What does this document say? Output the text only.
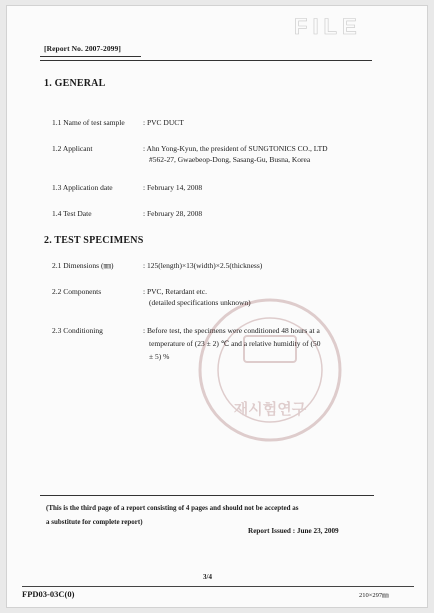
FILE
[Report No. 2007-2099]
1. GENERAL
1.1 Name of test sample : PVC DUCT
1.2 Applicant	: Ahn Yong-Kyun, the president of SUNGTONICS CO., LTD
#562-27, Gwaebeop-Dong, Sasang-Gu, Busna, Korea
1.3 Application date	: February 14, 2008
1.4 Test Date	: February 28, 2008
2. TEST SPECIMENS
2.1 Dimensions (㎜)	: 125(length)×13(width)×2.5(thickness)
2.2 Components	: PVC, Retardant etc.
(detailed specifications unknown)
2.3 Conditioning	: Before test, the specimens were conditioned 48 hours at a
temperature of (23 ± 2) ℃ and a relative humidity of (50
± 5) %
재시험연구
(This is the third page of a report consisting of 4 pages and should not be accepted as
a substitute for complete report)
Report Issued : June 23, 2009
3/4
FPD03-03C(0)	210×297㎜
